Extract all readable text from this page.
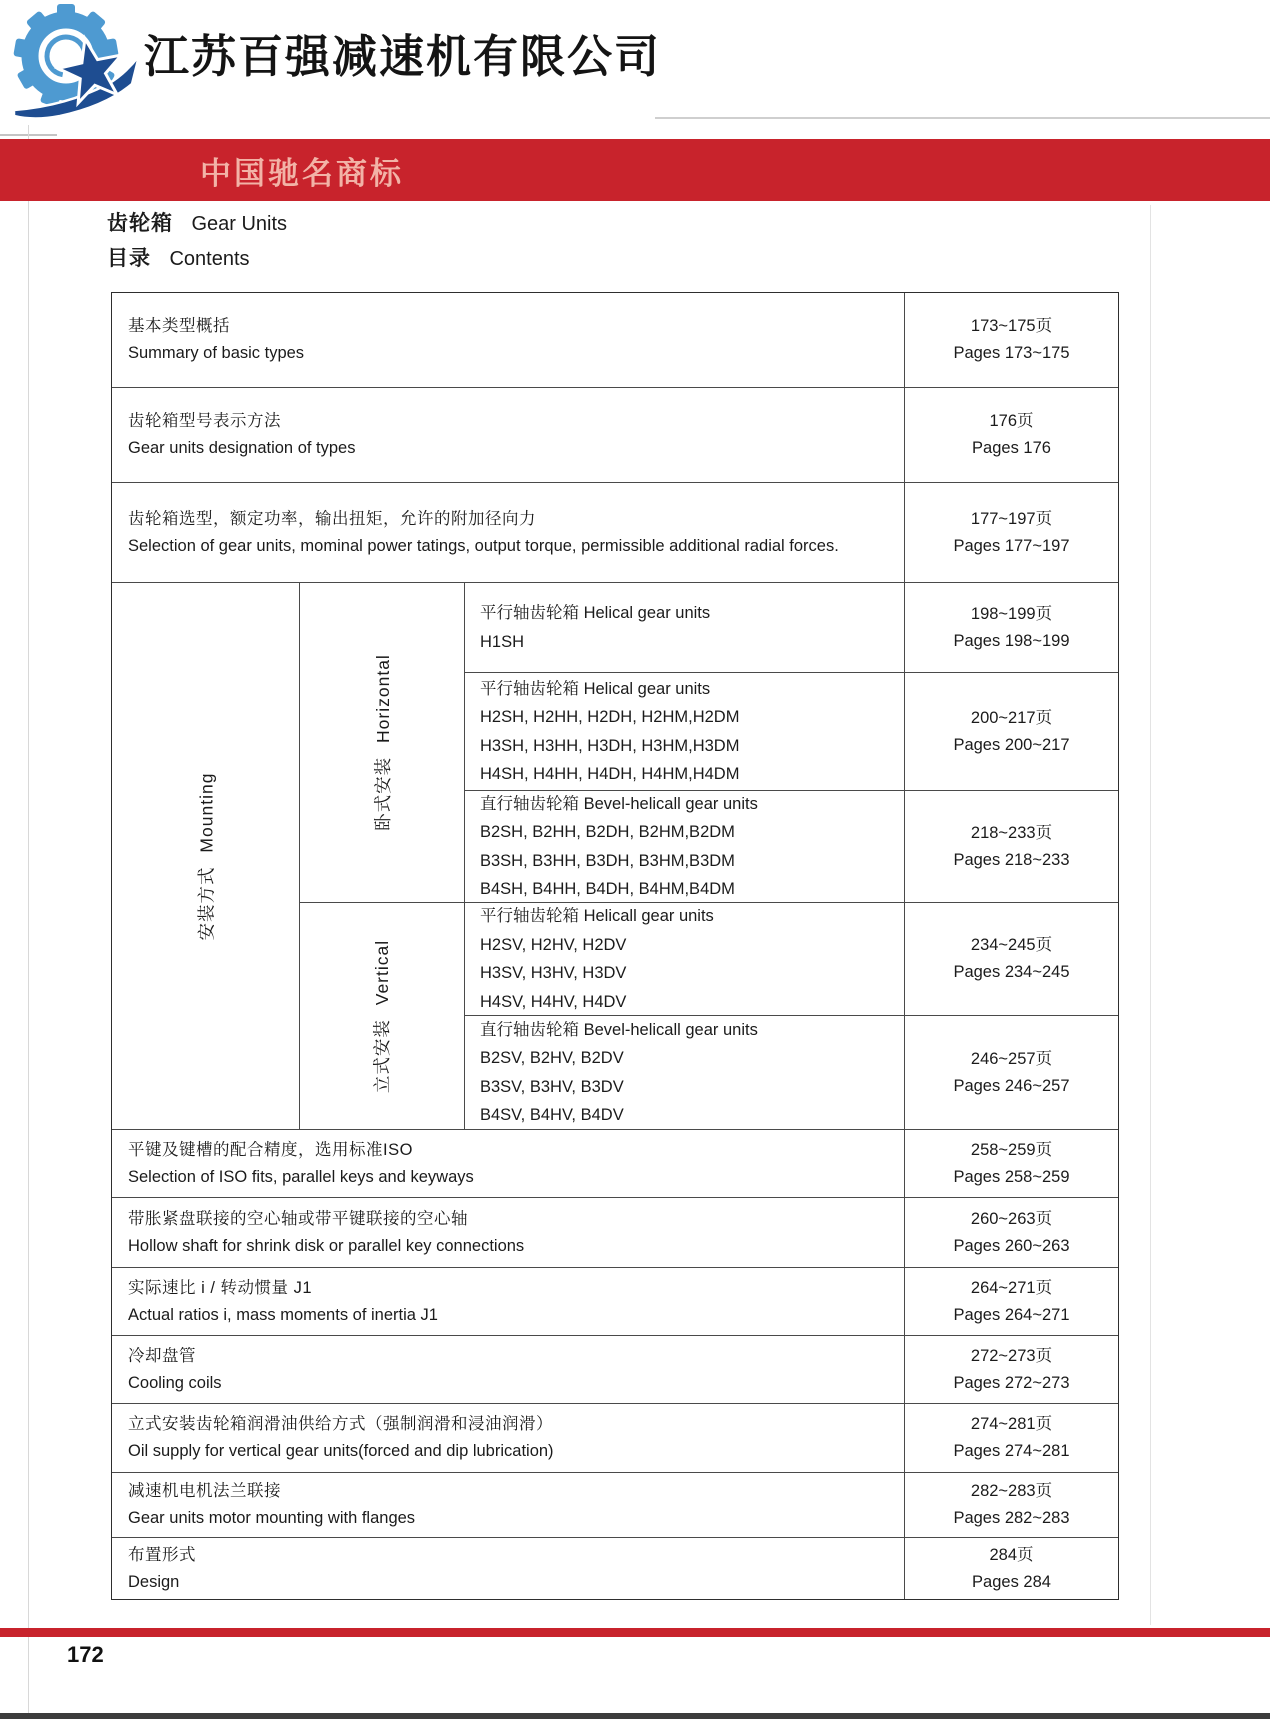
江苏百强减速机有限公司
中国驰名商标
齿轮箱 Gear Units
目录 Contents
基本类型概括
Summary of basic types
173~175页
Pages 173~175
齿轮箱型号表示方法
Gear units designation of types
176页
Pages 176
齿轮箱选型，额定功率，输出扭矩，允许的附加径向力
Selection of gear units, mominal power tatings, output torque, permissible additional radial forces.
177~197页
Pages 177~197
安装方式 Mounting	卧式安装 Horizontal
立式安装 Vertical
平行轴齿轮箱 Helical gear units
H1SH
198~199页
Pages 198~199
平行轴齿轮箱 Helical gear units
H2SH, H2HH, H2DH, H2HM,H2DM
H3SH, H3HH, H3DH, H3HM,H3DM
H4SH, H4HH, H4DH, H4HM,H4DM
200~217页
Pages 200~217
直行轴齿轮箱 Bevel-helicall gear units
B2SH, B2HH, B2DH, B2HM,B2DM
B3SH, B3HH, B3DH, B3HM,B3DM
B4SH, B4HH, B4DH, B4HM,B4DM
218~233页
Pages 218~233
平行轴齿轮箱 Helicall gear units
H2SV, H2HV, H2DV
H3SV, H3HV, H3DV
H4SV, H4HV, H4DV
234~245页
Pages 234~245
直行轴齿轮箱 Bevel-helicall gear units
B2SV, B2HV, B2DV
B3SV, B3HV, B3DV
B4SV, B4HV, B4DV
246~257页
Pages 246~257
平键及键槽的配合精度，选用标准ISO
Selection of ISO fits, parallel keys and keyways
258~259页
Pages 258~259
带胀紧盘联接的空心轴或带平键联接的空心轴
Hollow shaft for shrink disk or parallel key connections
260~263页
Pages 260~263
实际速比 i / 转动惯量 J1
Actual ratios i, mass moments of inertia J1
264~271页
Pages 264~271
冷却盘管
Cooling coils
272~273页
Pages 272~273
立式安装齿轮箱润滑油供给方式（强制润滑和浸油润滑）
Oil supply for vertical gear units(forced and dip lubrication)
274~281页
Pages 274~281
减速机电机法兰联接
Gear units motor mounting with flanges
282~283页
Pages 282~283
布置形式
Design
284页
Pages 284
172
